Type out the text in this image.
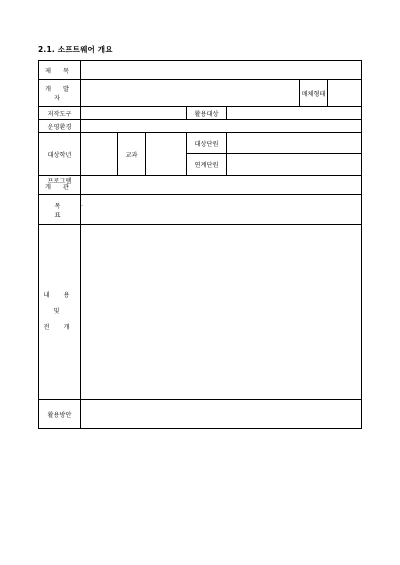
2.1. 소프트웨어 개요
제 목							
개 발 자						매체형태	
저작도구				활용대상			
운영환경							
대상학년		교과		대상단원			
				연계단원			

프로그램
개 관							

목 표	·						

내 용
및
전 개							

활용방안							
